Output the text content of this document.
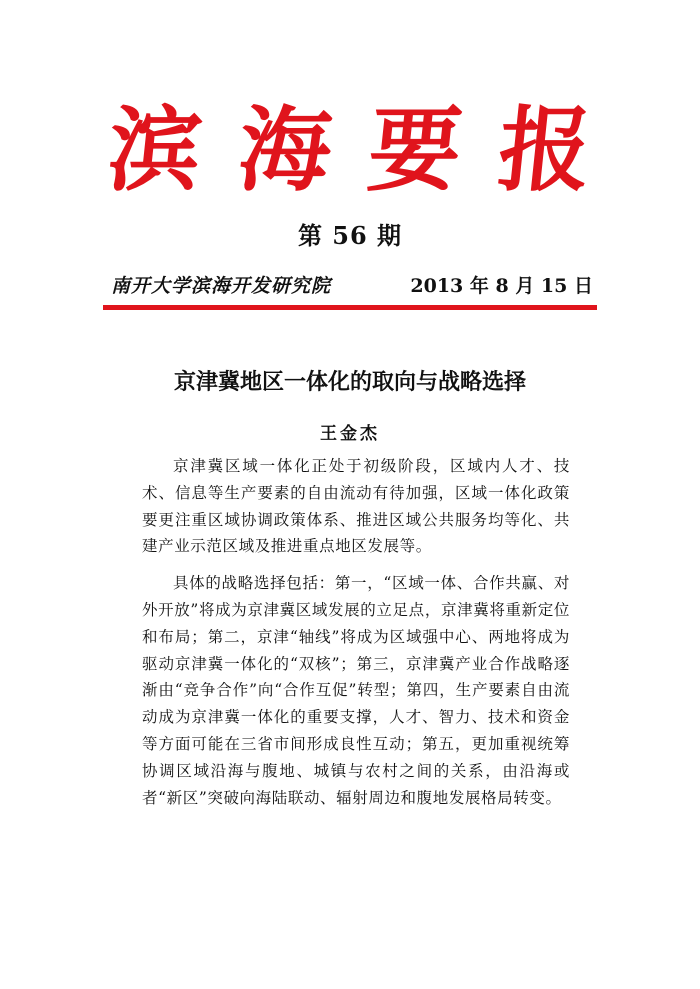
滨海要报
第 56 期
南开大学滨海开发研究院	2013 年 8 月 15 日
京津冀地区一体化的取向与战略选择
王金杰

京津冀区域一体化正处于初级阶段，区域内人才、技术、信息等生产要素的自由流动有待加强，区域一体化政策要更注重区域协调政策体系、推进区域公共服务均等化、共建产业示范区域及推进重点地区发展等。

具体的战略选择包括：第一，“区域一体、合作共赢、对外开放”将成为京津冀区域发展的立足点，京津冀将重新定位和布局；第二，京津“轴线”将成为区域强中心、两地将成为驱动京津冀一体化的“双核”；第三，京津冀产业合作战略逐渐由“竞争合作”向“合作互促”转型；第四，生产要素自由流动成为京津冀一体化的重要支撑，人才、智力、技术和资金等方面可能在三省市间形成良性互动；第五，更加重视统筹协调区域沿海与腹地、城镇与农村之间的关系，由沿海或者“新区”突破向海陆联动、辐射周边和腹地发展格局转变。
